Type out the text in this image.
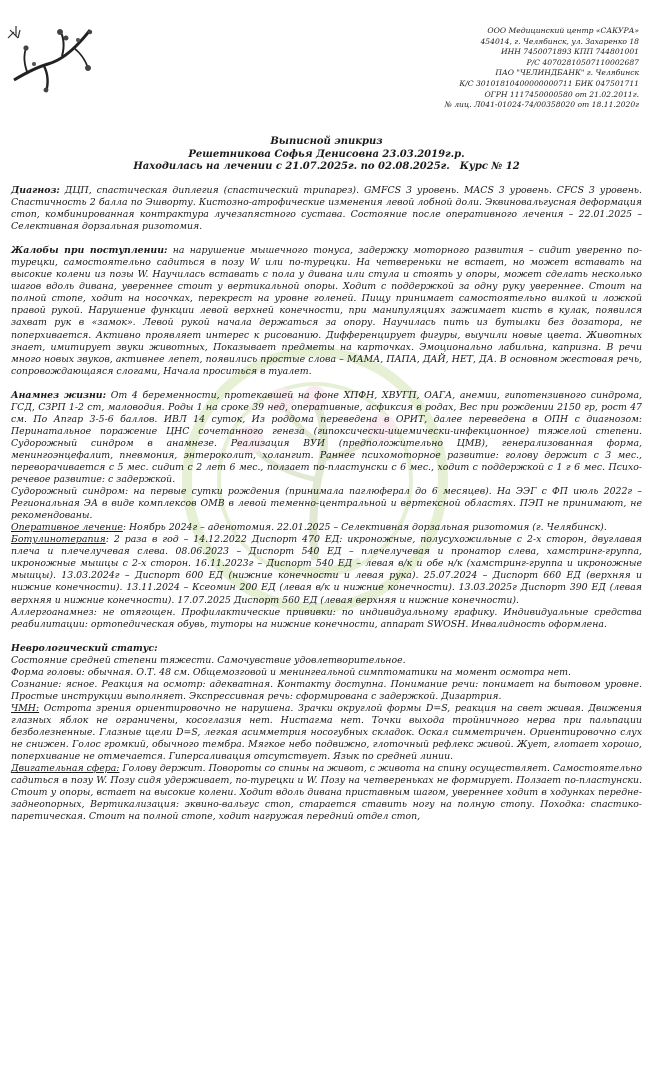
ООО Медицинский центр «САКУРА»
454014, г. Челябинск, ул. Захаренко 18
ИНН 7450071893 КПП 744801001
Р/С 40702810507110002687
ПАО "ЧЕЛИНДБАНК" г. Челябинск
К/С 30101810400000000711 БИК 047501711
ОГРН 1117450000580 от 21.02.2011г.
№ лиц. Л041-01024-74/00358020 от 18.11.2020г
Выписной эпикриз
Решетникова Софья Денисовна 23.03.2019г.р.
Находилась на лечении с 21.07.2025г. по 02.08.2025г. Курс № 12

Диагноз: ДЦП, спастическая диплегия (спастический трипарез). GMFCS 3 уровень. MACS 3 уровень. CFCS 3 уровень. Спастичность 2 балла по Эшворту. Кистозно-атрофические изменения левой лобной доли. Эквиновальгусная деформация стоп, комбинированная контрактура лучезапястного сустава. Состояние после оперативного лечения – 22.01.2025 – Селективная дорзальная ризотомия.

Жалобы при поступлении: на нарушение мышечного тонуса, задержку моторного развития – сидит уверенно по-турецки, самостоятельно садиться в позу W или по-турецки. На четвереньки не встает, но может вставать на высокие колени из позы W. Научилась вставать с пола у дивана или стула и стоять у опоры, может сделать несколько шагов вдоль дивана, увереннее стоит у вертикальной опоры. Ходит с поддержкой за одну руку увереннее. Стоит на полной стопе, ходит на носочках, перекрест на уровне голеней. Пищу принимает самостоятельно вилкой и ложкой правой рукой. Нарушение функции левой верхней конечности, при манипуляциях зажимает кисть в кулак, появился захват рук в «замок». Левой рукой начала держаться за опору. Научилась пить из бутылки без дозатора, не поперхивается. Активно проявляет интерес к рисованию. Дифференцирует фигуры, выучили новые цвета. Животных знает, имитирует звуки животных, Показывает предметы на карточках. Эмоционально лабильна, капризна. В речи много новых звуков, активнее лепет, появились простые слова – МАМА, ПАПА, ДАЙ, НЕТ, ДА. В основном жестовая речь, сопровождающаяся слогами, Начала проситься в туалет.

Анамнез жизни: От 4 беременности, протекавшей на фоне ХПФН, ХВУГП, ОАГА, анемии, гипотензивного синдрома, ГСД, СЗРП 1-2 ст, маловодия. Роды 1 на сроке 39 нед, оперативные, асфиксия в родах, Вес при рождении 2150 гр, рост 47 см. По Апгар 3-5-6 баллов. ИВЛ 14 суток, Из роддома переведена в ОРИТ, далее переведена в ОПН с диагнозом: Перинатальное поражение ЦНС сочетанного генеза (гипоксически-ишемически-инфекционное) тяжелой степени. Судорожный синдром в анамнезе. Реализация ВУИ (предположительно ЦМВ), генерализованная форма, менингоэнцефалит, пневмония, энтероколит, холангит. Раннее психомоторное развитие: голову держит с 3 мес., переворачивается с 5 мес. сидит с 2 лет 6 мес., ползает по-пластунски с 6 мес., ходит с поддержкой с 1 г 6 мес. Психо-речевое развитие: с задержкой.

Судорожный синдром: на первые сутки рождения (принимала паглюферал до 6 месяцев). На ЭЭГ с ФП июль 2022г – Региональная ЭА в виде комплексов ОМВ в левой теменно-центральной и вертексной областях. ПЭП не принимают, не рекомендованы.

Оперативное лечение: Ноябрь 2024г – аденотомия. 22.01.2025 – Селективная дорзальная ризотомия (г. Челябинск).

Ботулинотерапия: 2 раза в год – 14.12.2022 Диспорт 470 ЕД: икроножные, полусухожильные с 2-х сторон, двуглавая плеча и плечелучевая слева. 08.06.2023 – Диспорт 540 ЕД – плечелучевая и пронатор слева, хамстринг-группа, икроножные мышцы с 2-х сторон. 16.11.2023г – Диспорт 540 ЕД – левая в/к и обе н/к (хамстринг-группа и икроножные мышцы). 13.03.2024г – Диспорт 600 ЕД (нижние конечности и левая рука). 25.07.2024 – Диспорт 660 ЕД (верхняя и нижние конечности). 13.11.2024 – Ксеомин 200 ЕД (левая в/к и нижние конечности). 13.03.2025г Диспорт 390 ЕД (левая верхняя и нижние конечности). 17.07.2025 Диспорт 560 ЕД (левая верхняя и нижние конечности).

Аллергоанамнез: не отягощен. Профилактические прививки: по индивидуальному графику. Индивидуальные средства реабилитации: ортопедическая обувь, туторы на нижние конечности, аппарат SWOSH. Инвалидность оформлена.

Неврологический статус:

Состояние средней степени тяжести. Самочувствие удовлетворительное.

Форма головы: обычная. О.Т. 48 см. Общемозговой и менингеальной симптоматики на момент осмотра нет.

Сознание: ясное. Реакция на осмотр: адекватная. Контакту доступна. Понимание речи: понимает на бытовом уровне. Простые инструкции выполняет. Экспрессивная речь: сформирована с задержкой. Дизартрия.

ЧМН: Острота зрения ориентировочно не нарушена. Зрачки округлой формы D=S, реакция на свет живая. Движения глазных яблок не ограничены, косоглазия нет. Нистагма нет. Точки выхода тройничного нерва при пальпации безболезненные. Глазные щели D=S, легкая асимметрия носогубных складок. Оскал симметричен. Ориентировочно слух не снижен. Голос громкий, обычного тембра. Мягкое небо подвижно, глоточный рефлекс живой. Жует, глотает хорошо, поперхивание не отмечается. Гиперсаливация отсутствует. Язык по средней линии.

Двигательная сфера: Голову держит. Повороты со спины на живот, с живота на спину осуществляет. Самостоятельно садиться в позу W. Позу сидя удерживает, по-турецки и W. Позу на четвереньках не формирует. Ползает по-пластунски. Стоит у опоры, встает на высокие колени. Ходит вдоль дивана приставным шагом, увереннее ходит в ходунках передне-заднеопорных, Вертикализация: эквино-вальгус стоп, старается ставить ногу на полную стопу. Походка: спастико-паретическая. Стоит на полной стопе, ходит нагружая передний отдел стоп,
